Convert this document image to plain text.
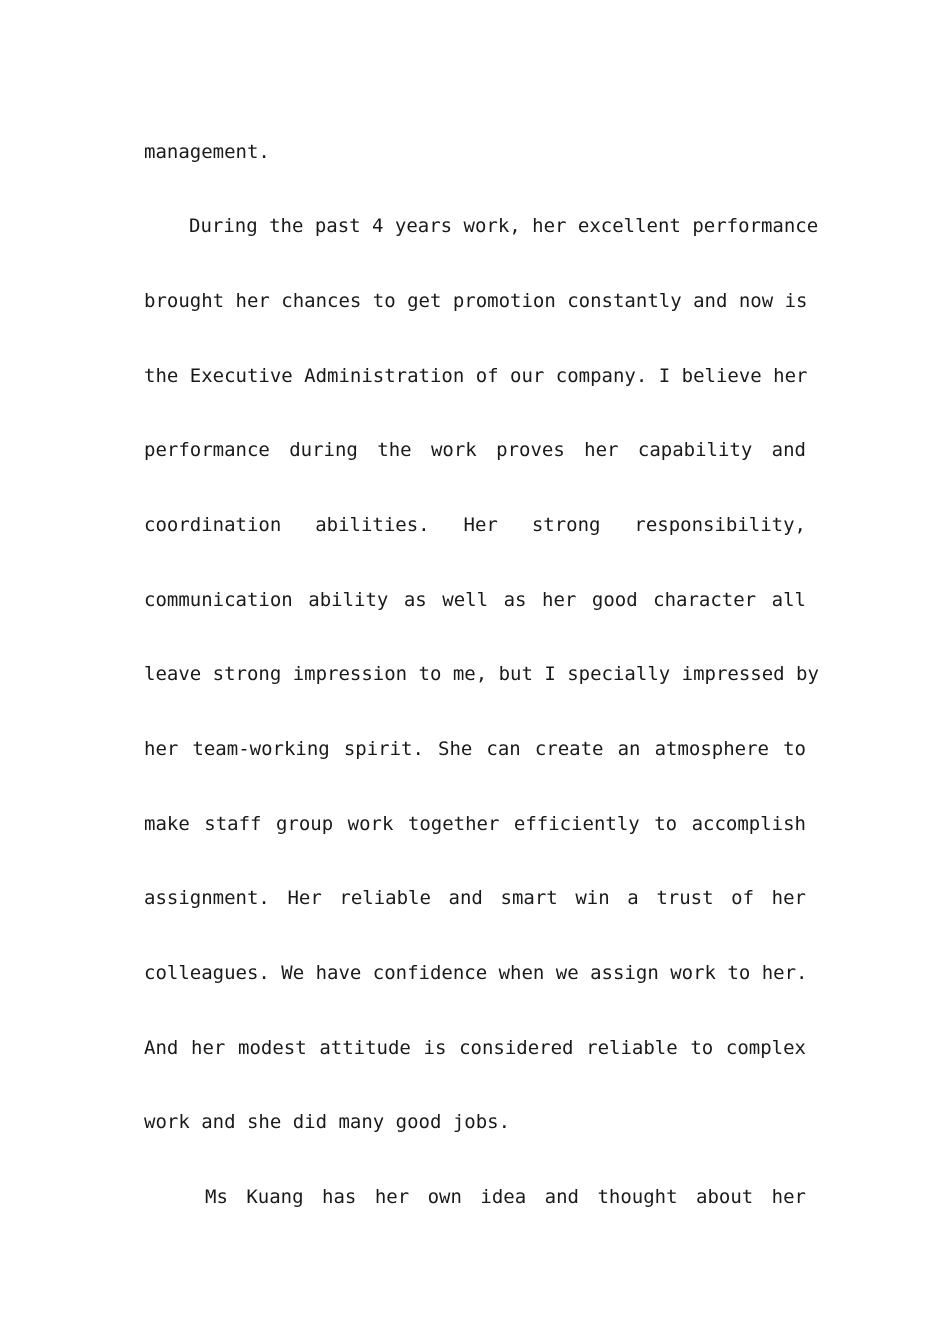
management.
During the past 4 years work, her excellent performance
brought her chances to get promotion constantly and now is
the Executive Administration of our company. I believe her
performance during the work proves her capability and
coordination abilities. Her strong responsibility,
communication ability as well as her good character all
leave strong impression to me, but I specially impressed by
her team-working spirit. She can create an atmosphere to
make staff group work together efficiently to accomplish
assignment. Her reliable and smart win a trust of her
colleagues. We have confidence when we assign work to her.
And her modest attitude is considered reliable to complex
work and she did many good jobs.
Ms Kuang has her own idea and thought about her
